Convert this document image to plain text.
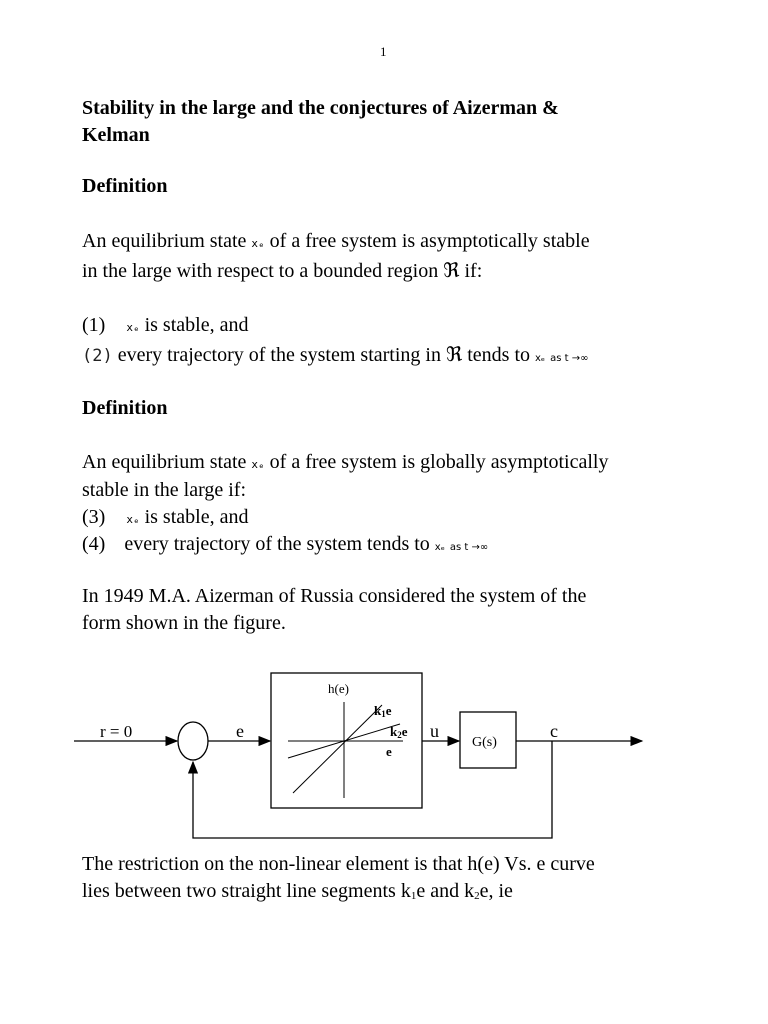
1
Stability in the large and the conjectures of Aizerman &
Kelman
Definition
An equilibrium state xₑ of a free system is asymptotically stable
in the large with respect to a bounded region ℜ if:
(1) xₑ is stable, and
(2) every trajectory of the system starting in ℜ tends to xₑ as t →∞
Definition
An equilibrium state xₑ of a free system is globally asymptotically
stable in the large if:
(3) xₑ is stable, and
(4) every trajectory of the system tends to xₑ as t →∞
In 1949 M.A. Aizerman of Russia considered the system of the
form shown in the figure.
r = 0	e
h(e)
k1e
k2e
e
u
G(s)
c
The restriction on the non-linear element is that h(e) Vs. e curve
lies between two straight line segments $k_1e$ and $k_2e$, ie
